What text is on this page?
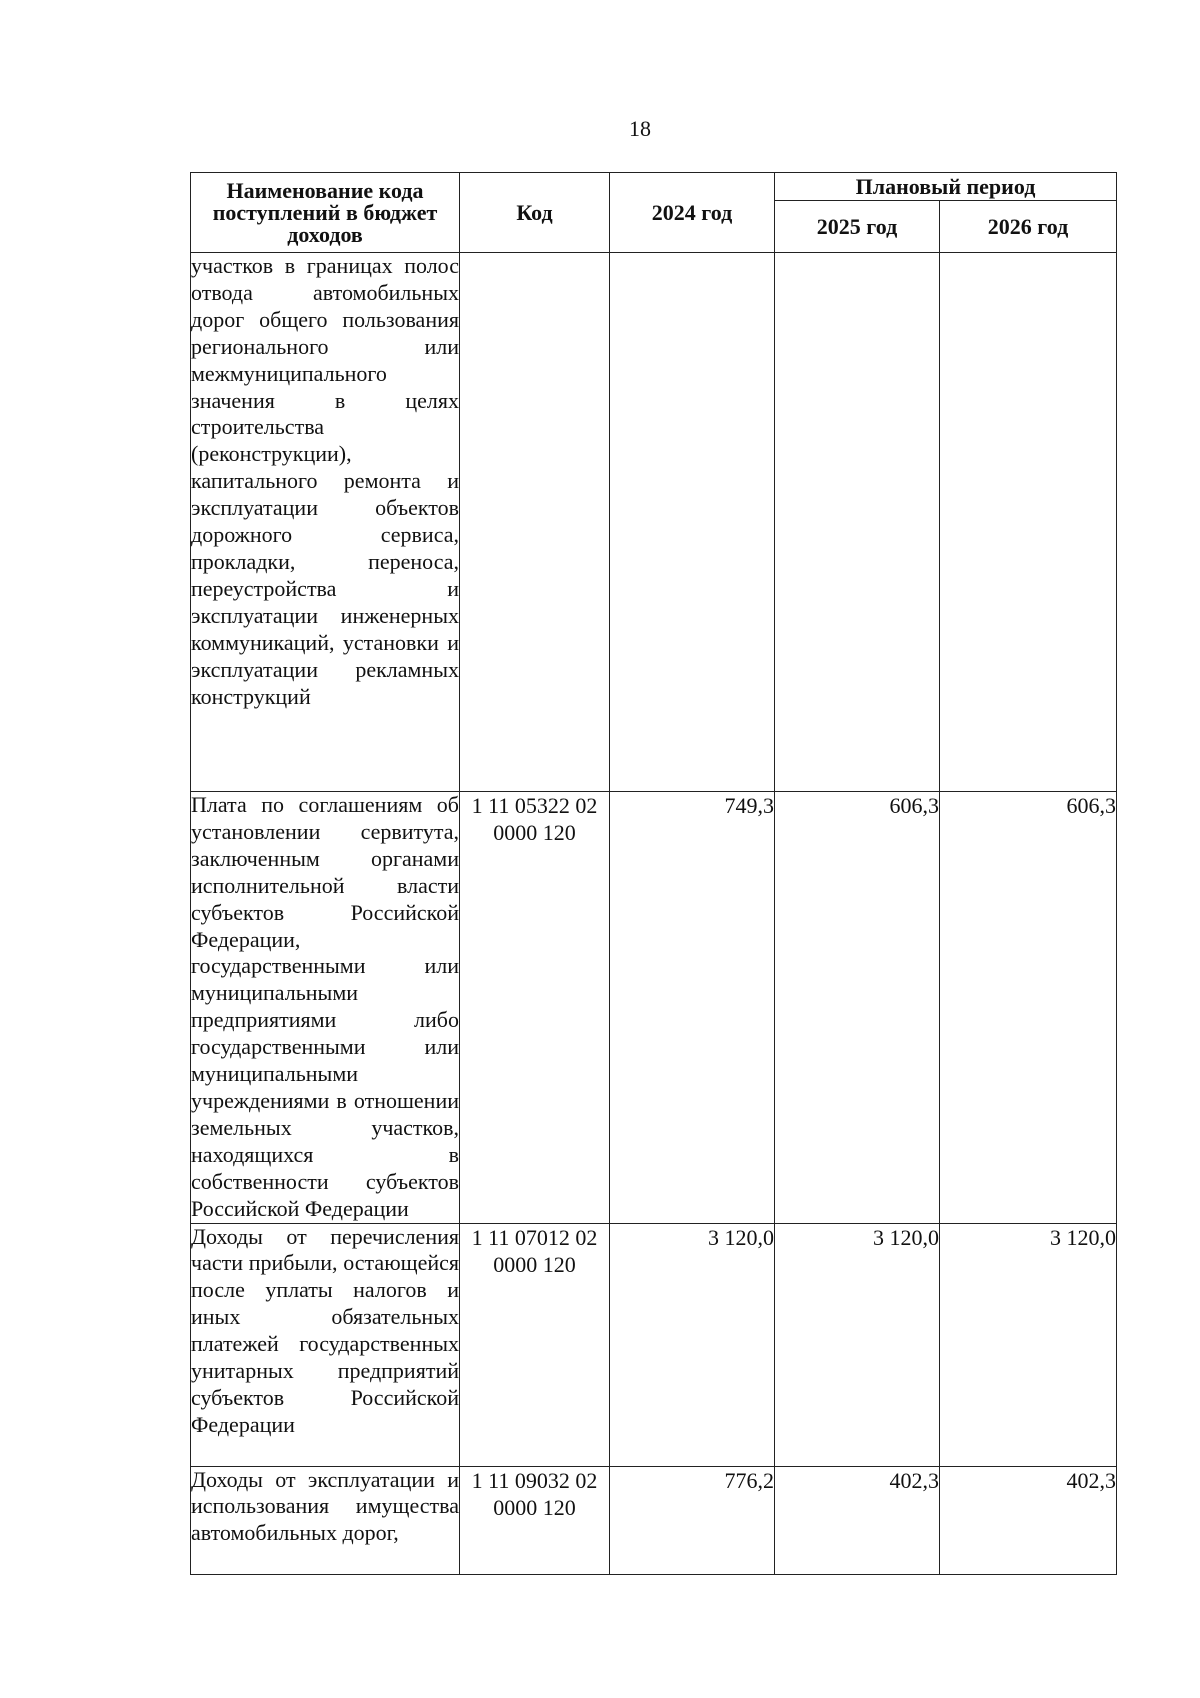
18
Наименование кода поступлений в бюджет доходов	Код	2024 год	Плановый период	
			2025 год	2026 год

участков в границах полос отвода автомобильных дорог общего пользования регионального или межмуниципального значения в целях строительства (реконструкции), капитального ремонта и эксплуатации объектов дорожного сервиса, прокладки, переноса, переустройства и эксплуатации инженерных коммуникаций, установки и эксплуатации рекламных конструкций				

Плата по соглашениям об установлении сервитута, заключенным органами исполнительной власти субъектов Российской Федерации, государственными или муниципальными предприятиями либо государственными или муниципальными учреждениями в отношении земельных участков, находящихся в собственности субъектов Российской Федерации	1 11 05322 02 0000 120	749,3	606,3	606,3

Доходы от перечисления части прибыли, остающейся после уплаты налогов и иных обязательных платежей государственных унитарных предприятий субъектов Российской Федерации	1 11 07012 02 0000 120	3 120,0	3 120,0	3 120,0

Доходы от эксплуатации и использования имущества автомобильных дорог,	1 11 09032 02 0000 120	776,2	402,3	402,3
